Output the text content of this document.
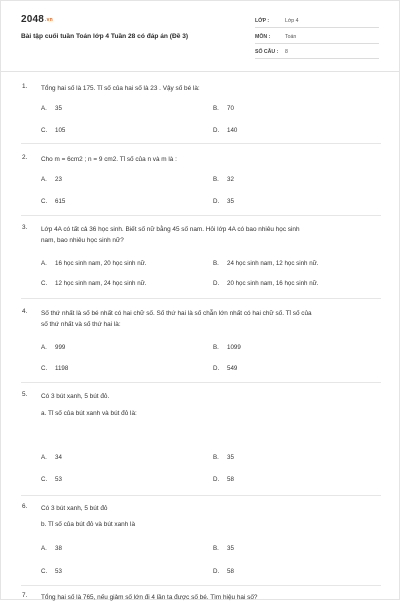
2048.vn
Bài tập cuối tuần Toán lớp 4 Tuần 28 có đáp án (Đề 3)
LỚP :	Lớp 4
MÔN :	Toán
SỐ CÂU : 8
1. Tổng hai số là 175. Tỉ số của hai số là 23 . Vậy số bé là:
A. 35	B. 70
C. 105	D. 140
2. Cho m = 6cm2 ; n = 9 cm2. Tỉ số của n và m là :
A. 23	B. 32
C. 615	D. 35
3. Lớp 4A có tất cả 36 học sinh. Biết số nữ bằng 45 số nam. Hỏi lớp 4A có bao nhiêu học sinh
nam, bao nhiêu học sinh nữ?
A. 16 học sinh nam, 20 học sinh nữ.	B. 24 học sinh nam, 12 học sinh nữ.
C. 12 học sinh nam, 24 học sinh nữ.	D. 20 học sinh nam, 16 học sinh nữ.
4. Số thứ nhất là số bé nhất có hai chữ số. Số thứ hai là số chẵn lớn nhất có hai chữ số. Tỉ số của
số thứ nhất và số thứ hai là:
A. 999	B. 1099
C. 1198	D. 549
5. Có 3 bút xanh, 5 bút đỏ.
a. Tỉ số của bút xanh và bút đỏ là:
A. 34	B. 35
C. 53	D. 58
6. Có 3 bút xanh, 5 bút đỏ
b. Tỉ số của bút đỏ và bút xanh là
A. 38	B. 35
C. 53	D. 58
7. Tổng hai số là 765, nếu giảm số lớn đi 4 lần ta được số bé. Tìm hiệu hai số?
